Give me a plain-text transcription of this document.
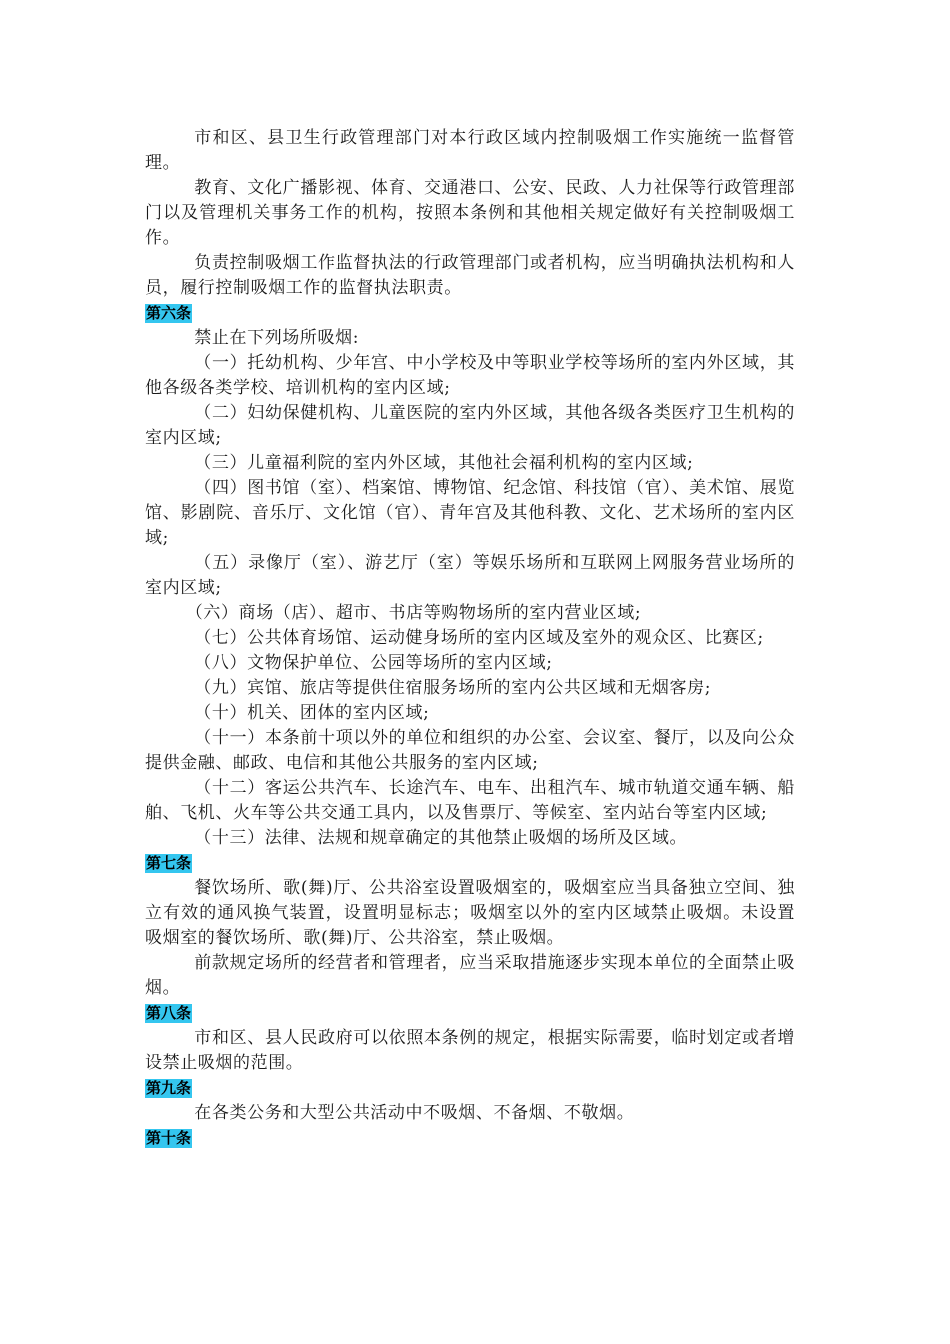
市和区、县卫生行政管理部门对本行政区域内控制吸烟工作实施统一监督管理。

教育、文化广播影视、体育、交通港口、公安、民政、人力社保等行政管理部门以及管理机关事务工作的机构，按照本条例和其他相关规定做好有关控制吸烟工作。

负责控制吸烟工作监督执法的行政管理部门或者机构，应当明确执法机构和人员，履行控制吸烟工作的监督执法职责。

第六条

禁止在下列场所吸烟:

（一）托幼机构、少年宫、中小学校及中等职业学校等场所的室内外区域，其他各级各类学校、培训机构的室内区域;

（二）妇幼保健机构、儿童医院的室内外区域，其他各级各类医疗卫生机构的室内区域;

（三）儿童福利院的室内外区域，其他社会福利机构的室内区域;

（四）图书馆（室）、档案馆、博物馆、纪念馆、科技馆（官）、美术馆、展览馆、影剧院、音乐厅、文化馆（官）、青年宫及其他科教、文化、艺术场所的室内区域;

（五）录像厅（室）、游艺厅（室）等娱乐场所和互联网上网服务营业场所的室内区域;

（六）商场（店）、超市、书店等购物场所的室内营业区域;

（七）公共体育场馆、运动健身场所的室内区域及室外的观众区、比赛区;

（八）文物保护单位、公园等场所的室内区域;

（九）宾馆、旅店等提供住宿服务场所的室内公共区域和无烟客房;

（十）机关、团体的室内区域;

（十一）本条前十项以外的单位和组织的办公室、会议室、餐厅，以及向公众提供金融、邮政、电信和其他公共服务的室内区域;

（十二）客运公共汽车、长途汽车、电车、出租汽车、城市轨道交通车辆、船舶、飞机、火车等公共交通工具内，以及售票厅、等候室、室内站台等室内区域;

（十三）法律、法规和规章确定的其他禁止吸烟的场所及区域。

第七条

餐饮场所、歌(舞)厅、公共浴室设置吸烟室的，吸烟室应当具备独立空间、独立有效的通风换气装置，设置明显标志；吸烟室以外的室内区域禁止吸烟。未设置吸烟室的餐饮场所、歌(舞)厅、公共浴室，禁止吸烟。

前款规定场所的经营者和管理者，应当采取措施逐步实现本单位的全面禁止吸烟。

第八条

市和区、县人民政府可以依照本条例的规定，根据实际需要，临时划定或者增设禁止吸烟的范围。

第九条

在各类公务和大型公共活动中不吸烟、不备烟、不敬烟。

第十条
